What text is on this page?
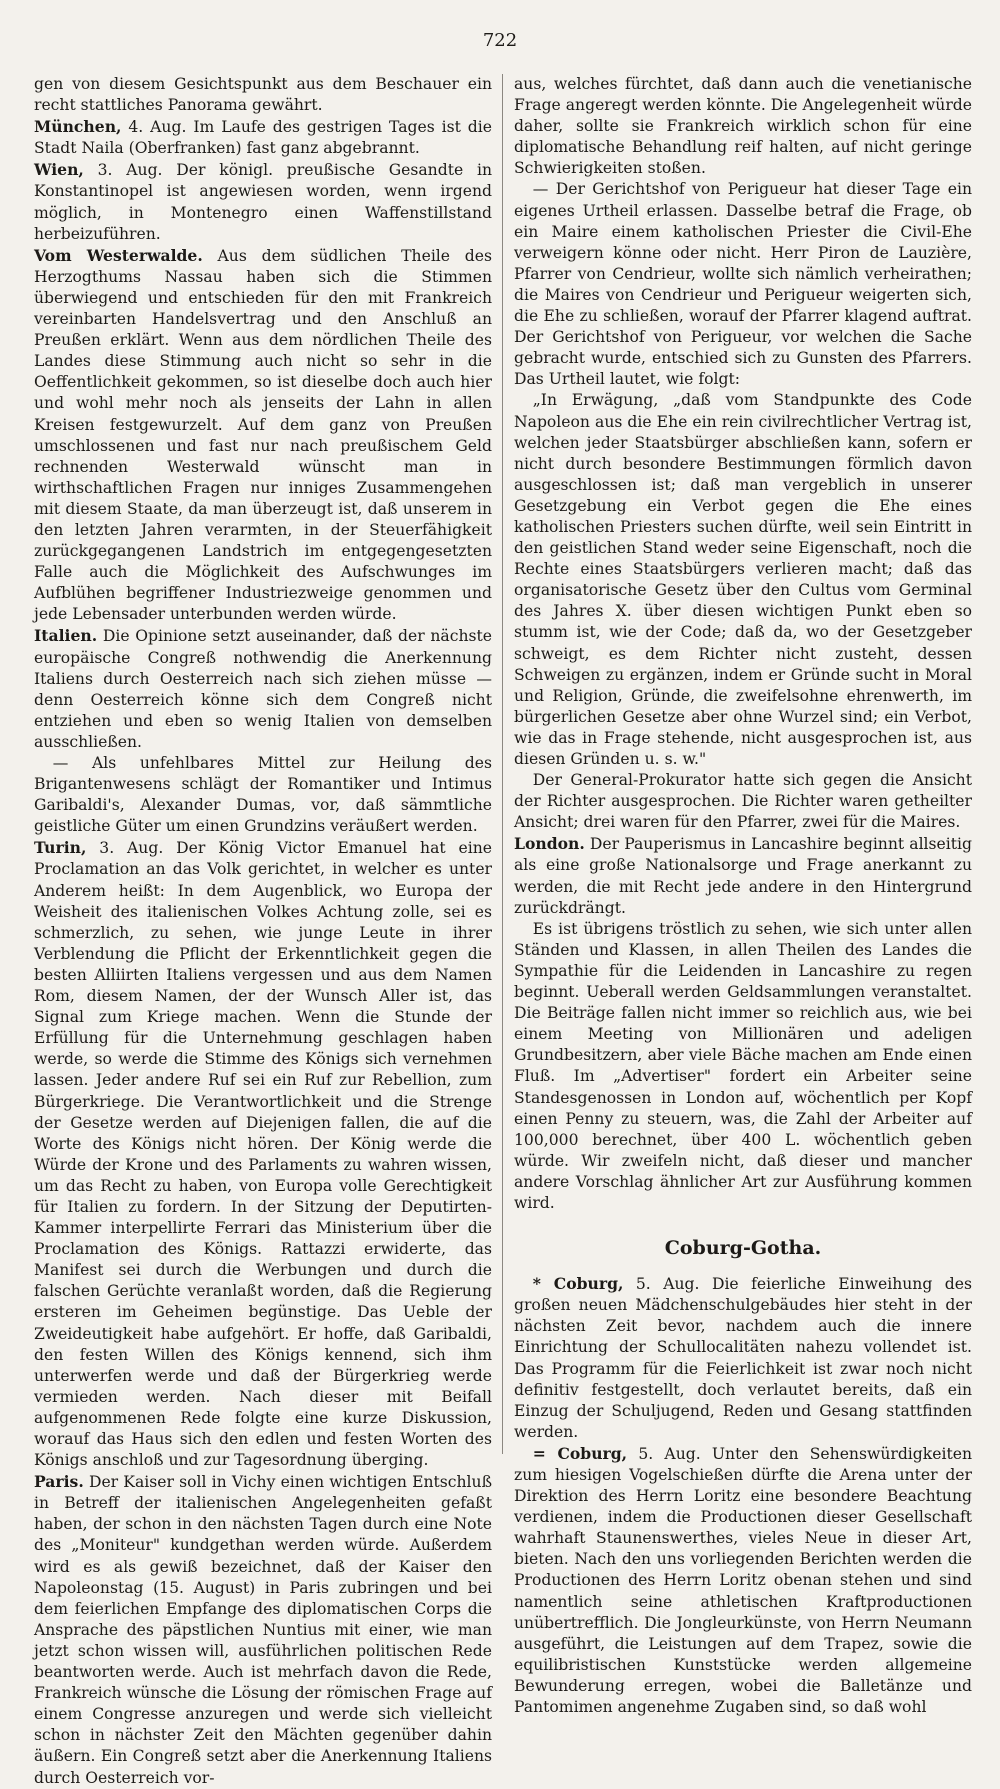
722

gen von diesem Gesichtspunkt aus dem Beschauer ein recht stattliches Panorama gewährt.

München, 4. Aug. Im Laufe des gestrigen Tages ist die Stadt Naila (Oberfranken) fast ganz abgebrannt.

Wien, 3. Aug. Der königl. preußische Gesandte in Konstantinopel ist angewiesen worden, wenn irgend möglich, in Montenegro einen Waffenstillstand herbeizuführen.

Vom Westerwalde. Aus dem südlichen Theile des Herzogthums Nassau haben sich die Stimmen überwiegend und entschieden für den mit Frankreich vereinbarten Handelsvertrag und den Anschluß an Preußen erklärt. Wenn aus dem nördlichen Theile des Landes diese Stimmung auch nicht so sehr in die Oeffentlichkeit gekommen, so ist dieselbe doch auch hier und wohl mehr noch als jenseits der Lahn in allen Kreisen festgewurzelt. Auf dem ganz von Preußen umschlossenen und fast nur nach preußischem Geld rechnenden Westerwald wünscht man in wirthschaftlichen Fragen nur inniges Zusammengehen mit diesem Staate, da man überzeugt ist, daß unserem in den letzten Jahren verarmten, in der Steuerfähigkeit zurückgegangenen Landstrich im entgegengesetzten Falle auch die Möglichkeit des Aufschwunges im Aufblühen begriffener Industriezweige genommen und jede Lebensader unterbunden werden würde.

Italien. Die Opinione setzt auseinander, daß der nächste europäische Congreß nothwendig die Anerkennung Italiens durch Oesterreich nach sich ziehen müsse — denn Oesterreich könne sich dem Congreß nicht entziehen und eben so wenig Italien von demselben ausschließen.

— Als unfehlbares Mittel zur Heilung des Brigantenwesens schlägt der Romantiker und Intimus Garibaldi's, Alexander Dumas, vor, daß sämmtliche geistliche Güter um einen Grundzins veräußert werden.

Turin, 3. Aug. Der König Victor Emanuel hat eine Proclamation an das Volk gerichtet, in welcher es unter Anderem heißt: In dem Augenblick, wo Europa der Weisheit des italienischen Volkes Achtung zolle, sei es schmerzlich, zu sehen, wie junge Leute in ihrer Verblendung die Pflicht der Erkenntlichkeit gegen die besten Alliirten Italiens vergessen und aus dem Namen Rom, diesem Namen, der der Wunsch Aller ist, das Signal zum Kriege machen. Wenn die Stunde der Erfüllung für die Unternehmung geschlagen haben werde, so werde die Stimme des Königs sich vernehmen lassen. Jeder andere Ruf sei ein Ruf zur Rebellion, zum Bürgerkriege. Die Verantwortlichkeit und die Strenge der Gesetze werden auf Diejenigen fallen, die auf die Worte des Königs nicht hören. Der König werde die Würde der Krone und des Parlaments zu wahren wissen, um das Recht zu haben, von Europa volle Gerechtigkeit für Italien zu fordern. In der Sitzung der Deputirten-Kammer interpellirte Ferrari das Ministerium über die Proclamation des Königs. Rattazzi erwiderte, das Manifest sei durch die Werbungen und durch die falschen Gerüchte veranlaßt worden, daß die Regierung ersteren im Geheimen begünstige. Das Ueble der Zweideutigkeit habe aufgehört. Er hoffe, daß Garibaldi, den festen Willen des Königs kennend, sich ihm unterwerfen werde und daß der Bürgerkrieg werde vermieden werden. Nach dieser mit Beifall aufgenommenen Rede folgte eine kurze Diskussion, worauf das Haus sich den edlen und festen Worten des Königs anschloß und zur Tagesordnung überging.

Paris. Der Kaiser soll in Vichy einen wichtigen Entschluß in Betreff der italienischen Angelegenheiten gefaßt haben, der schon in den nächsten Tagen durch eine Note des „Moniteur" kundgethan werden würde. Außerdem wird es als gewiß bezeichnet, daß der Kaiser den Napoleonstag (15. August) in Paris zubringen und bei dem feierlichen Empfange des diplomatischen Corps die Ansprache des päpstlichen Nuntius mit einer, wie man jetzt schon wissen will, ausführlichen politischen Rede beantworten werde. Auch ist mehrfach davon die Rede, Frankreich wünsche die Lösung der römischen Frage auf einem Congresse anzuregen und werde sich vielleicht schon in nächster Zeit den Mächten gegenüber dahin äußern. Ein Congreß setzt aber die Anerkennung Italiens durch Oesterreich vor-

aus, welches fürchtet, daß dann auch die venetianische Frage angeregt werden könnte. Die Angelegenheit würde daher, sollte sie Frankreich wirklich schon für eine diplomatische Behandlung reif halten, auf nicht geringe Schwierigkeiten stoßen.

— Der Gerichtshof von Perigueur hat dieser Tage ein eigenes Urtheil erlassen. Dasselbe betraf die Frage, ob ein Maire einem katholischen Priester die Civil-Ehe verweigern könne oder nicht. Herr Piron de Lauzière, Pfarrer von Cendrieur, wollte sich nämlich verheirathen; die Maires von Cendrieur und Perigueur weigerten sich, die Ehe zu schließen, worauf der Pfarrer klagend auftrat. Der Gerichtshof von Perigueur, vor welchen die Sache gebracht wurde, entschied sich zu Gunsten des Pfarrers. Das Urtheil lautet, wie folgt:

„In Erwägung, „daß vom Standpunkte des Code Napoleon aus die Ehe ein rein civilrechtlicher Vertrag ist, welchen jeder Staatsbürger abschließen kann, sofern er nicht durch besondere Bestimmungen förmlich davon ausgeschlossen ist; daß man vergeblich in unserer Gesetzgebung ein Verbot gegen die Ehe eines katholischen Priesters suchen dürfte, weil sein Eintritt in den geistlichen Stand weder seine Eigenschaft, noch die Rechte eines Staatsbürgers verlieren macht; daß das organisatorische Gesetz über den Cultus vom Germinal des Jahres X. über diesen wichtigen Punkt eben so stumm ist, wie der Code; daß da, wo der Gesetzgeber schweigt, es dem Richter nicht zusteht, dessen Schweigen zu ergänzen, indem er Gründe sucht in Moral und Religion, Gründe, die zweifelsohne ehrenwerth, im bürgerlichen Gesetze aber ohne Wurzel sind; ein Verbot, wie das in Frage stehende, nicht ausgesprochen ist, aus diesen Gründen u. s. w."

Der General-Prokurator hatte sich gegen die Ansicht der Richter ausgesprochen. Die Richter waren getheilter Ansicht; drei waren für den Pfarrer, zwei für die Maires.

London. Der Pauperismus in Lancashire beginnt allseitig als eine große Nationalsorge und Frage anerkannt zu werden, die mit Recht jede andere in den Hintergrund zurückdrängt.

Es ist übrigens tröstlich zu sehen, wie sich unter allen Ständen und Klassen, in allen Theilen des Landes die Sympathie für die Leidenden in Lancashire zu regen beginnt. Ueberall werden Geldsammlungen veranstaltet. Die Beiträge fallen nicht immer so reichlich aus, wie bei einem Meeting von Millionären und adeligen Grundbesitzern, aber viele Bäche machen am Ende einen Fluß. Im „Advertiser" fordert ein Arbeiter seine Standesgenossen in London auf, wöchentlich per Kopf einen Penny zu steuern, was, die Zahl der Arbeiter auf 100,000 berechnet, über 400 L. wöchentlich geben würde. Wir zweifeln nicht, daß dieser und mancher andere Vorschlag ähnlicher Art zur Ausführung kommen wird.

Coburg-Gotha.

* Coburg, 5. Aug. Die feierliche Einweihung des großen neuen Mädchenschulgebäudes hier steht in der nächsten Zeit bevor, nachdem auch die innere Einrichtung der Schullocalitäten nahezu vollendet ist. Das Programm für die Feierlichkeit ist zwar noch nicht definitiv festgestellt, doch verlautet bereits, daß ein Einzug der Schuljugend, Reden und Gesang stattfinden werden.

= Coburg, 5. Aug. Unter den Sehenswürdigkeiten zum hiesigen Vogelschießen dürfte die Arena unter der Direktion des Herrn Loritz eine besondere Beachtung verdienen, indem die Productionen dieser Gesellschaft wahrhaft Staunenswerthes, vieles Neue in dieser Art, bieten. Nach den uns vorliegenden Berichten werden die Productionen des Herrn Loritz obenan stehen und sind namentlich seine athletischen Kraftproductionen unübertrefflich. Die Jongleurkünste, von Herrn Neumann ausgeführt, die Leistungen auf dem Trapez, sowie die equilibristischen Kunststücke werden allgemeine Bewunderung erregen, wobei die Balletänze und Pantomimen angenehme Zugaben sind, so daß wohl
